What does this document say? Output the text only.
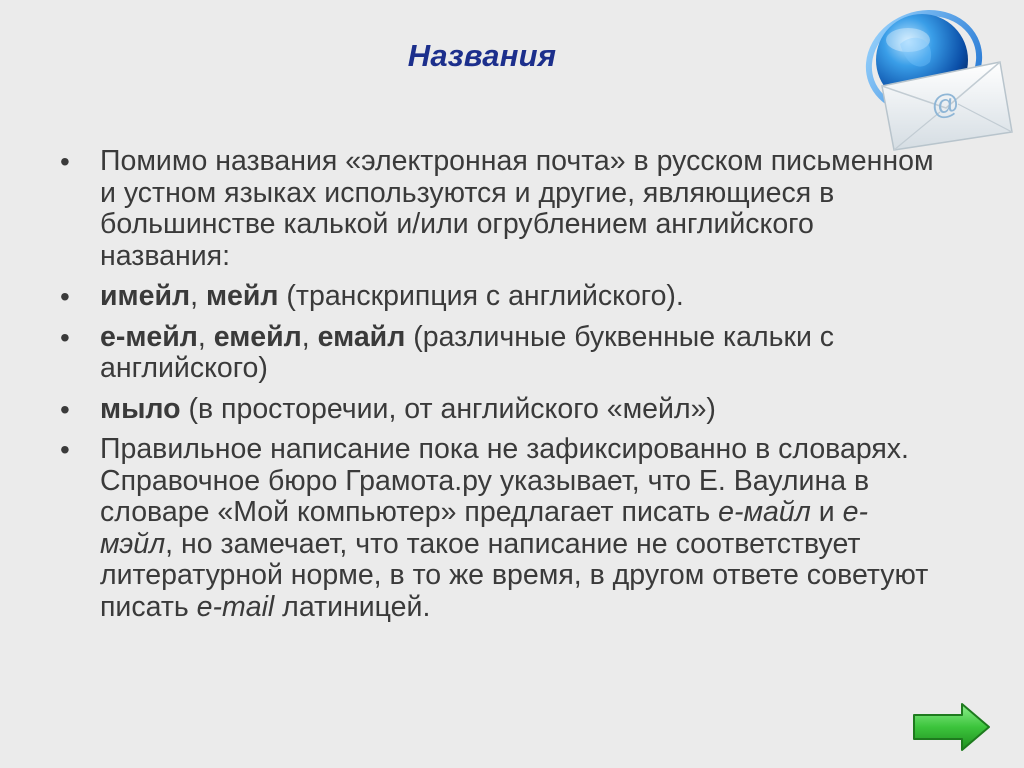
Названия
@
• Помимо названия «электронная почта» в русском письменном и устном языках используются и другие, являющиеся в большинстве калькой и/или огрублением английского названия:
• имейл, мейл (транскрипция с английского).
• е-мейл, емейл, емайл (различные буквенные кальки с английского)
• мыло (в просторечии, от английского «мейл»)
• Правильное написание пока не зафиксированно в словарях. Справочное бюро Грамота.ру указывает, что Е. Ваулина в словаре «Мой компьютер» предлагает писать е-майл и е-мэйл, но замечает, что такое написание не соответствует литературной норме, в то же время, в другом ответе советуют писать e-mail латиницей.
